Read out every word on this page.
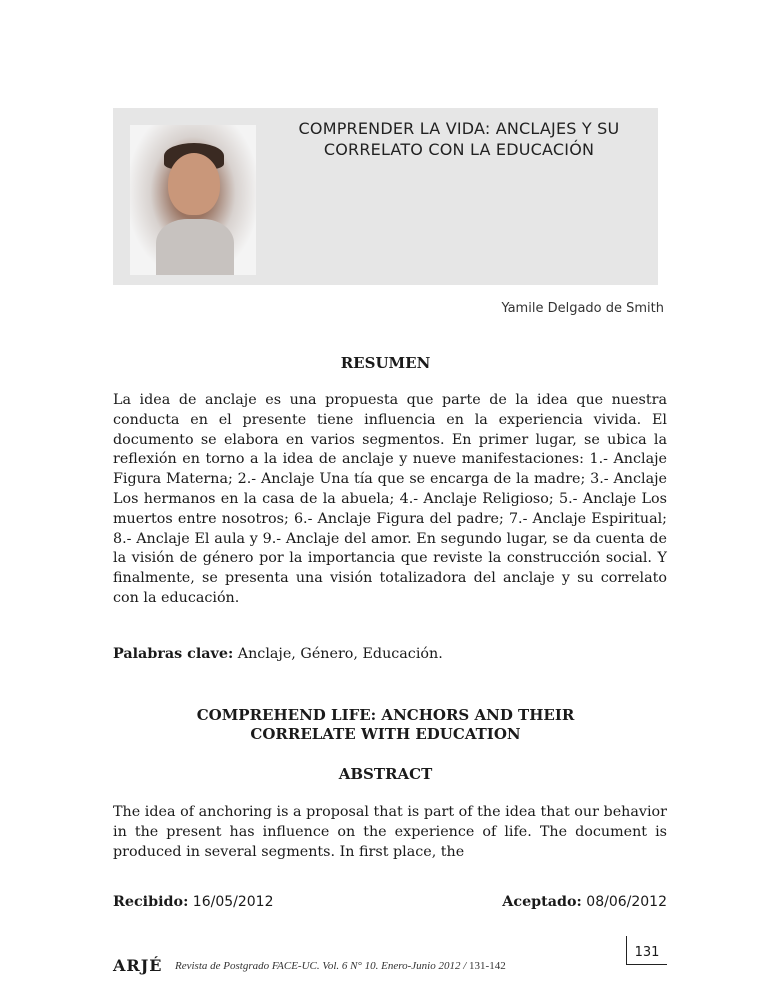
COMPRENDER LA VIDA: ANCLAJES Y SU
CORRELATO CON LA EDUCACIÓN
Yamile Delgado de Smith
RESUMEN
La idea de anclaje es una propuesta que parte de la idea que nuestra conducta en el presente tiene influencia en la experiencia vivida. El documento se elabora en varios segmentos. En primer lugar, se ubica la reflexión en torno a la idea de anclaje y nueve manifestaciones: 1.- Anclaje Figura Materna; 2.- Anclaje Una tía que se encarga de la madre; 3.- Anclaje Los hermanos en la casa de la abuela; 4.- Anclaje Religioso; 5.- Anclaje Los muertos entre nosotros; 6.- Anclaje Figura del padre; 7.- Anclaje Espiritual; 8.- Anclaje El aula y 9.- Anclaje del amor. En segundo lugar, se da cuenta de la visión de género por la importancia que reviste la construcción social. Y finalmente, se presenta una visión totalizadora del anclaje y su correlato con la educación.
Palabras clave: Anclaje, Género, Educación.
COMPREHEND LIFE: ANCHORS AND THEIR
CORRELATE WITH EDUCATION
ABSTRACT
The idea of anchoring is a proposal that is part of the idea that our behavior in the present has influence on the experience of life. The document is produced in several segments. In first place, the
Recibido: 16/05/2012	Aceptado: 08/06/2012
ARJÉ Revista de Postgrado FACE-UC. Vol. 6 N° 10. Enero-Junio 2012 / 131-142
131
